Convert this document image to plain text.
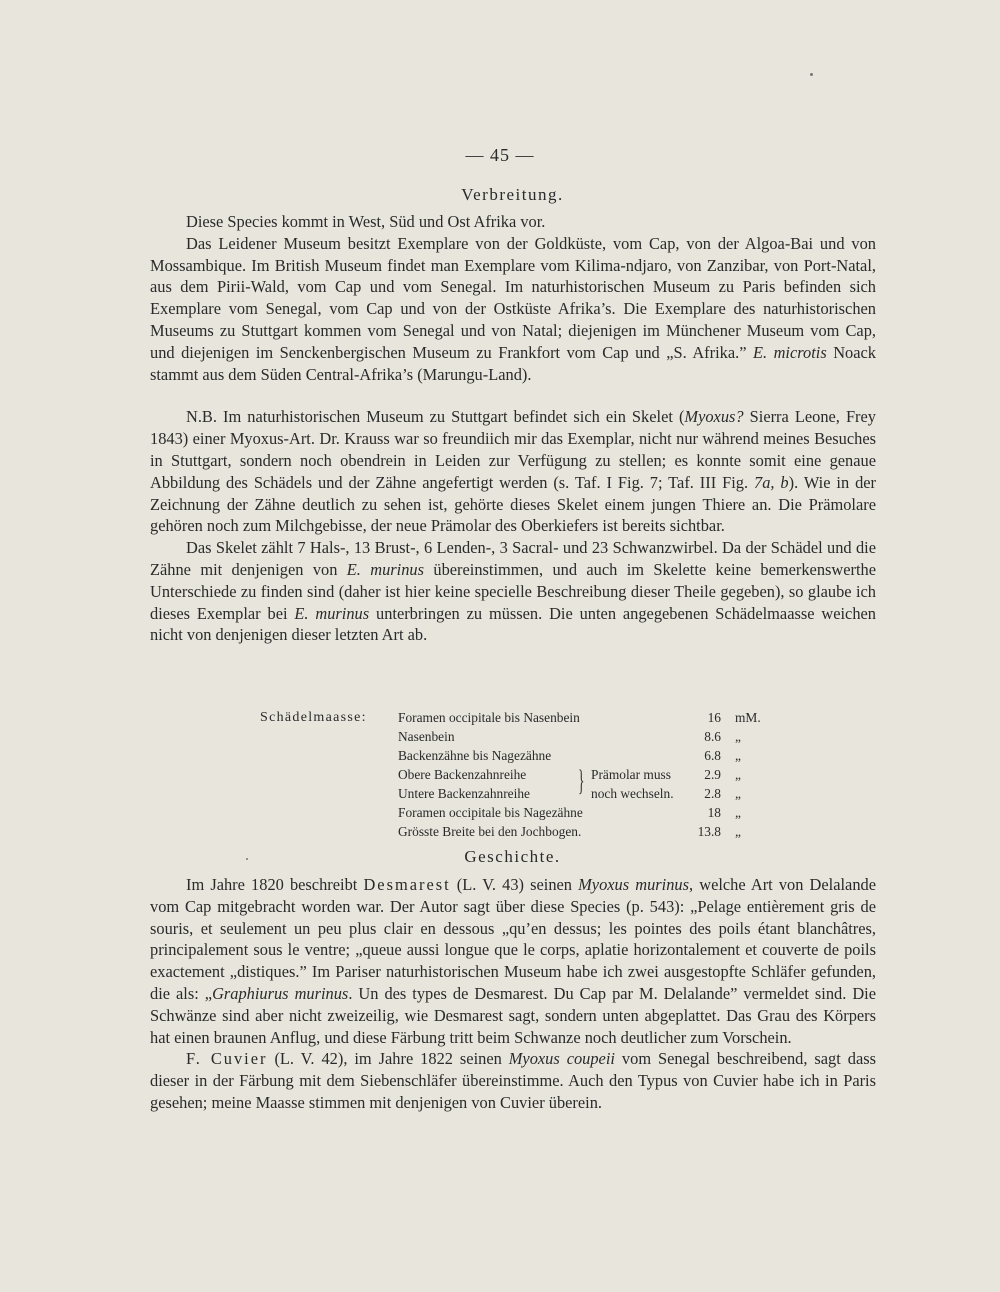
— 45 —
Verbreitung.

Diese Species kommt in West, Süd und Ost Afrika vor.

Das Leidener Museum besitzt Exemplare von der Goldküste, vom Cap, von der Algoa-Bai und von Mossambique. Im British Museum findet man Exemplare vom Kilima-ndjaro, von Zanzibar, von Port-Natal, aus dem Pirii-Wald, vom Cap und vom Senegal. Im naturhistorischen Museum zu Paris befinden sich Exemplare vom Senegal, vom Cap und von der Ostküste Afrika’s. Die Exemplare des naturhistorischen Museums zu Stuttgart kommen vom Senegal und von Natal; diejenigen im Münchener Museum vom Cap, und diejenigen im Senckenbergischen Museum zu Frankfort vom Cap und „S. Afrika.” E. microtis Noack stammt aus dem Süden Central-Afrika’s (Marungu-Land).

N.B. Im naturhistorischen Museum zu Stuttgart befindet sich ein Skelet (Myoxus? Sierra Leone, Frey 1843) einer Myoxus-Art. Dr. Krauss war so freundiich mir das Exemplar, nicht nur während meines Besuches in Stuttgart, sondern noch obendrein in Leiden zur Verfügung zu stellen; es konnte somit eine genaue Abbildung des Schädels und der Zähne angefertigt werden (s. Taf. I Fig. 7; Taf. III Fig. 7a, b). Wie in der Zeichnung der Zähne deutlich zu sehen ist, gehörte dieses Skelet einem jungen Thiere an. Die Prämolare gehören noch zum Milchgebisse, der neue Prämolar des Oberkiefers ist bereits sichtbar.

Das Skelet zählt 7 Hals-, 13 Brust-, 6 Lenden-, 3 Sacral- und 23 Schwanzwirbel. Da der Schädel und die Zähne mit denjenigen von E. murinus übereinstimmen, und auch im Skelette keine bemerkenswerthe Unterschiede zu finden sind (daher ist hier keine specielle Beschreibung dieser Theile gegeben), so glaube ich dieses Exemplar bei E. murinus unterbringen zu müssen. Die unten angegebenen Schädelmaasse weichen nicht von denjenigen dieser letzten Art ab.

Schädelmaasse: Foramen occipitale bis Nasenbein	16 mM.
Nasenbein	8.6 „
Backenzähne bis Nagezähne	6.8 „
Obere Backenzahnreihe	Prämolar muss	2.9 „
Untere Backenzahnreihe	noch wechseln.	2.8 „
Foramen occipitale bis Nagezähne	18 „
Grösste Breite bei den Jochbogen.	13.8 „
}
Geschichte.

Im Jahre 1820 beschreibt Desmarest (L. V. 43) seinen Myoxus murinus, welche Art von Delalande vom Cap mitgebracht worden war. Der Autor sagt über diese Species (p. 543): „Pelage entièrement gris de souris, et seulement un peu plus clair en dessous „qu’en dessus; les pointes des poils étant blanchâtres, principalement sous le ventre; „queue aussi longue que le corps, aplatie horizontalement et couverte de poils exactement „distiques.” Im Pariser naturhistorischen Museum habe ich zwei ausgestopfte Schläfer gefunden, die als: „Graphiurus murinus. Un des types de Desmarest. Du Cap par M. Delalande” vermeldet sind. Die Schwänze sind aber nicht zweizeilig, wie Desmarest sagt, sondern unten abgeplattet. Das Grau des Körpers hat einen braunen Anflug, und diese Färbung tritt beim Schwanze noch deutlicher zum Vorschein.

F. Cuvier (L. V. 42), im Jahre 1822 seinen Myoxus coupeii vom Senegal beschreibend, sagt dass dieser in der Färbung mit dem Siebenschläfer übereinstimme. Auch den Typus von Cuvier habe ich in Paris gesehen; meine Maasse stimmen mit denjenigen von Cuvier überein.
